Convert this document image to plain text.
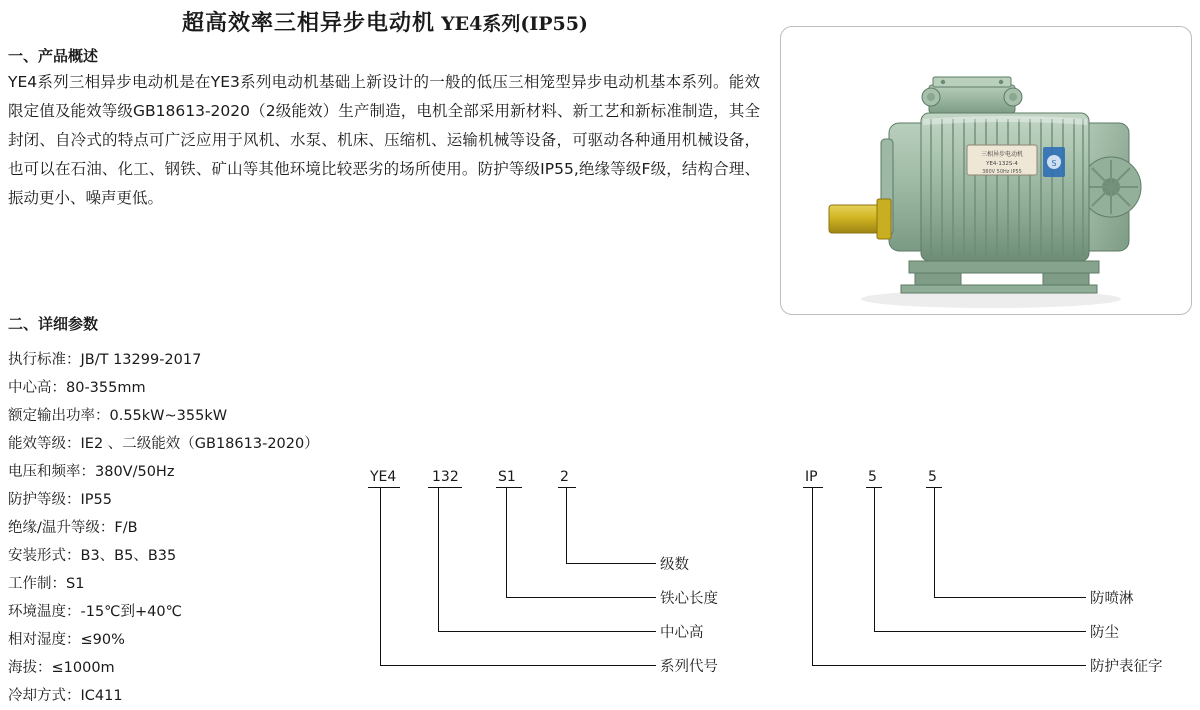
超高效率三相异步电动机 YE4系列(IP55)
一、产品概述
YE4系列三相异步电动机是在YE3系列电动机基础上新设计的一般的低压三相笼型异步电动机基本系列。能效限定值及能效等级GB18613-2020（2级能效）生产制造，电机全部采用新材料、新工艺和新标准制造，其全封闭、自冷式的特点可广泛应用于风机、水泵、机床、压缩机、运输机械等设备，可驱动各种通用机械设备，也可以在石油、化工、钢铁、矿山等其他环境比较恶劣的场所使用。防护等级IP55,绝缘等级F级，结构合理、振动更小、噪声更低。
三相异步电动机
YE4-132S-4
380V 50Hz IP55
S
二、详细参数
执行标准：JB/T 13299-2017
中心高：80-355mm
额定输出功率：0.55kW~355kW
能效等级：IE2 、二级能效（GB18613-2020）
电压和频率：380V/50Hz
防护等级：IP55
绝缘/温升等级：F/B
安装形式：B3、B5、B35
工作制：S1
环境温度：-15℃到+40℃
相对湿度：≤90%
海拔：≤1000m
冷却方式：IC411
YE4	132	S1	2	IP	5	5
级数
铁心长度
中心高
系列代号
防喷淋
防尘
防护表征字
